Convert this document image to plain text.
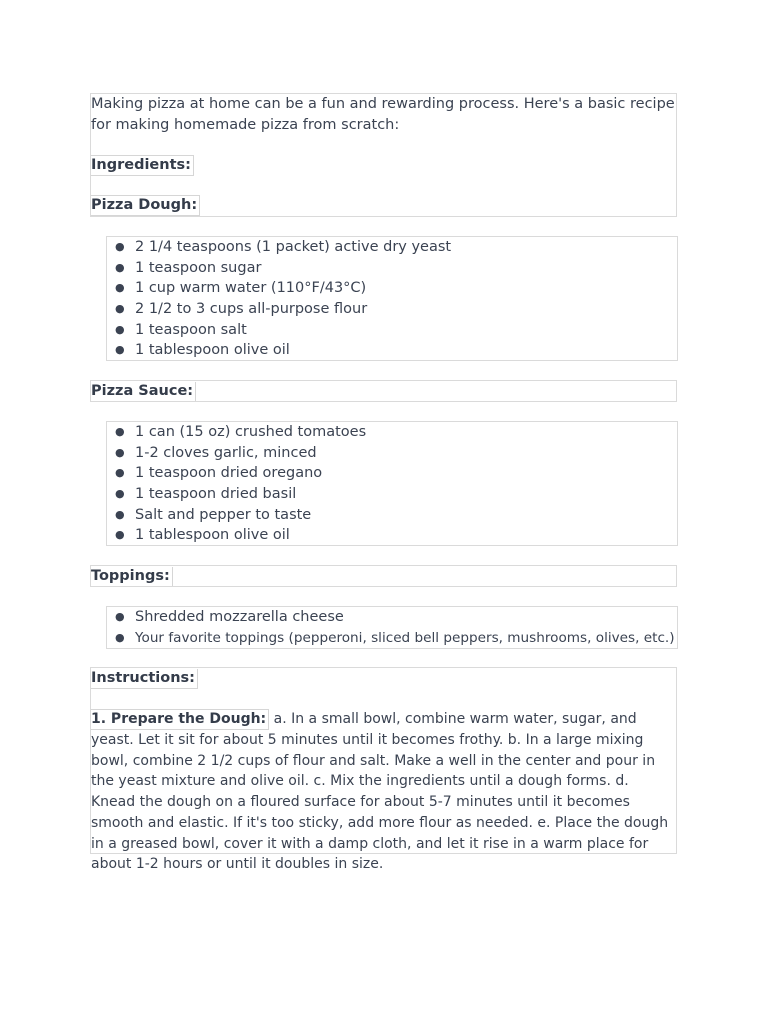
Making pizza at home can be a fun and rewarding process. Here's a basic recipe for making homemade pizza from scratch:

Ingredients:
Pizza Dough:
● 2 1/4 teaspoons (1 packet) active dry yeast
● 1 teaspoon sugar
● 1 cup warm water (110°F/43°C)
● 2 1/2 to 3 cups all-purpose flour
● 1 teaspoon salt
● 1 tablespoon olive oil
Pizza Sauce:
● 1 can (15 oz) crushed tomatoes
● 1-2 cloves garlic, minced
● 1 teaspoon dried oregano
● 1 teaspoon dried basil
● Salt and pepper to taste
● 1 tablespoon olive oil
Toppings:
● Shredded mozzarella cheese
● Your favorite toppings (pepperoni, sliced bell peppers, mushrooms, olives, etc.)
Instructions:

1. Prepare the Dough: a. In a small bowl, combine warm water, sugar, and yeast. Let it sit for about 5 minutes until it becomes frothy. b. In a large mixing bowl, combine 2 1/2 cups of flour and salt. Make a well in the center and pour in the yeast mixture and olive oil. c. Mix the ingredients until a dough forms. d. Knead the dough on a floured surface for about 5-7 minutes until it becomes smooth and elastic. If it's too sticky, add more flour as needed. e. Place the dough in a greased bowl, cover it with a damp cloth, and let it rise in a warm place for about 1-2 hours or until it doubles in size.
